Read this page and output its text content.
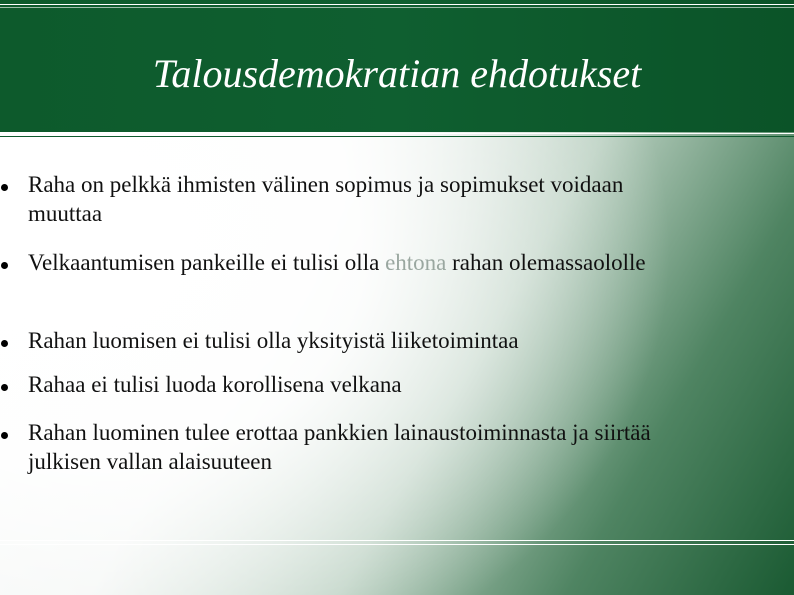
Talousdemokratian ehdotukset
Raha on pelkkä ihmisten välinen sopimus ja sopimukset voidaan muuttaa
Velkaantumisen pankeille ei tulisi olla ehtona rahan olemassaololle
Rahan luomisen ei tulisi olla yksityistä liiketoimintaa
Rahaa ei tulisi luoda korollisena velkana
Rahan luominen tulee erottaa pankkien lainaustoiminnasta ja siirtää julkisen vallan alaisuuteen
